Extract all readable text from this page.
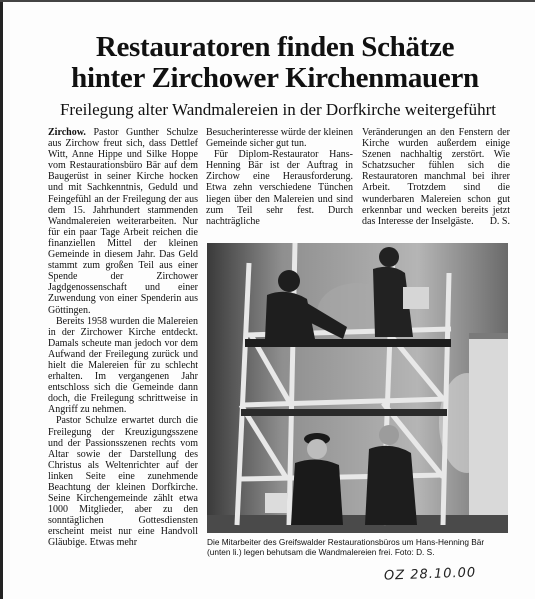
Restauratoren finden Schätze
hinter Zirchower Kirchenmauern
Freilegung alter Wandmalereien in der Dorfkirche weitergeführt

Zirchow. Pastor Gunther Schulze aus Zirchow freut sich, dass Dettlef Witt, Anne Hippe und Silke Hoppe vom Restaurationsbüro Bär auf dem Baugerüst in seiner Kirche hocken und mit Sachkenntnis, Geduld und Feingefühl an der Freilegung der aus dem 15. Jahrhundert stammenden Wandmalereien weiterarbeiten. Nur für ein paar Tage Arbeit reichen die finanziellen Mittel der kleinen Gemeinde in diesem Jahr. Das Geld stammt zum großen Teil aus einer Spende der Zirchower Jagdgenossenschaft und einer Zuwendung von einer Spenderin aus Göttingen.

Bereits 1958 wurden die Malereien in der Zirchower Kirche entdeckt. Damals scheute man jedoch vor dem Aufwand der Freilegung zurück und hielt die Malereien für zu schlecht erhalten. Im vergangenen Jahr entschloss sich die Gemeinde dann doch, die Freilegung schrittweise in Angriff zu nehmen.

Pastor Schulze erwartet durch die Freilegung der Kreuzigungsszene und der Passionsszenen rechts vom Altar sowie der Darstellung des Christus als Weltenrichter auf der linken Seite eine zunehmende Beachtung der kleinen Dorfkirche. Seine Kirchengemeinde zählt etwa 1000 Mitglieder, aber zu den sonntäglichen Gottesdiensten erscheint meist nur eine Handvoll Gläubige. Etwas mehr

Besucherinteresse würde der kleinen Gemeinde sicher gut tun.

Für Diplom-Restaurator Hans-Henning Bär ist der Auftrag in Zirchow eine Herausforderung. Etwa zehn verschiedene Tünchen liegen über den Malereien und sind zum Teil sehr fest. Durch nachträgliche

Veränderungen an den Fenstern der Kirche wurden außerdem einige Szenen nachhaltig zerstört. Wie Schatzsucher fühlen sich die Restauratoren manchmal bei ihrer Arbeit. Trotzdem sind die wunderbaren Malereien schon gut erkennbar und wecken bereits jetzt das Interesse der Inselgäste. D. S.

Die Mitarbeiter des Greifswalder Restaurationsbüros um Hans-Henning Bär (unten li.) legen behutsam die Wandmalereien frei. Foto: D. S.
OZ 28.10.00
